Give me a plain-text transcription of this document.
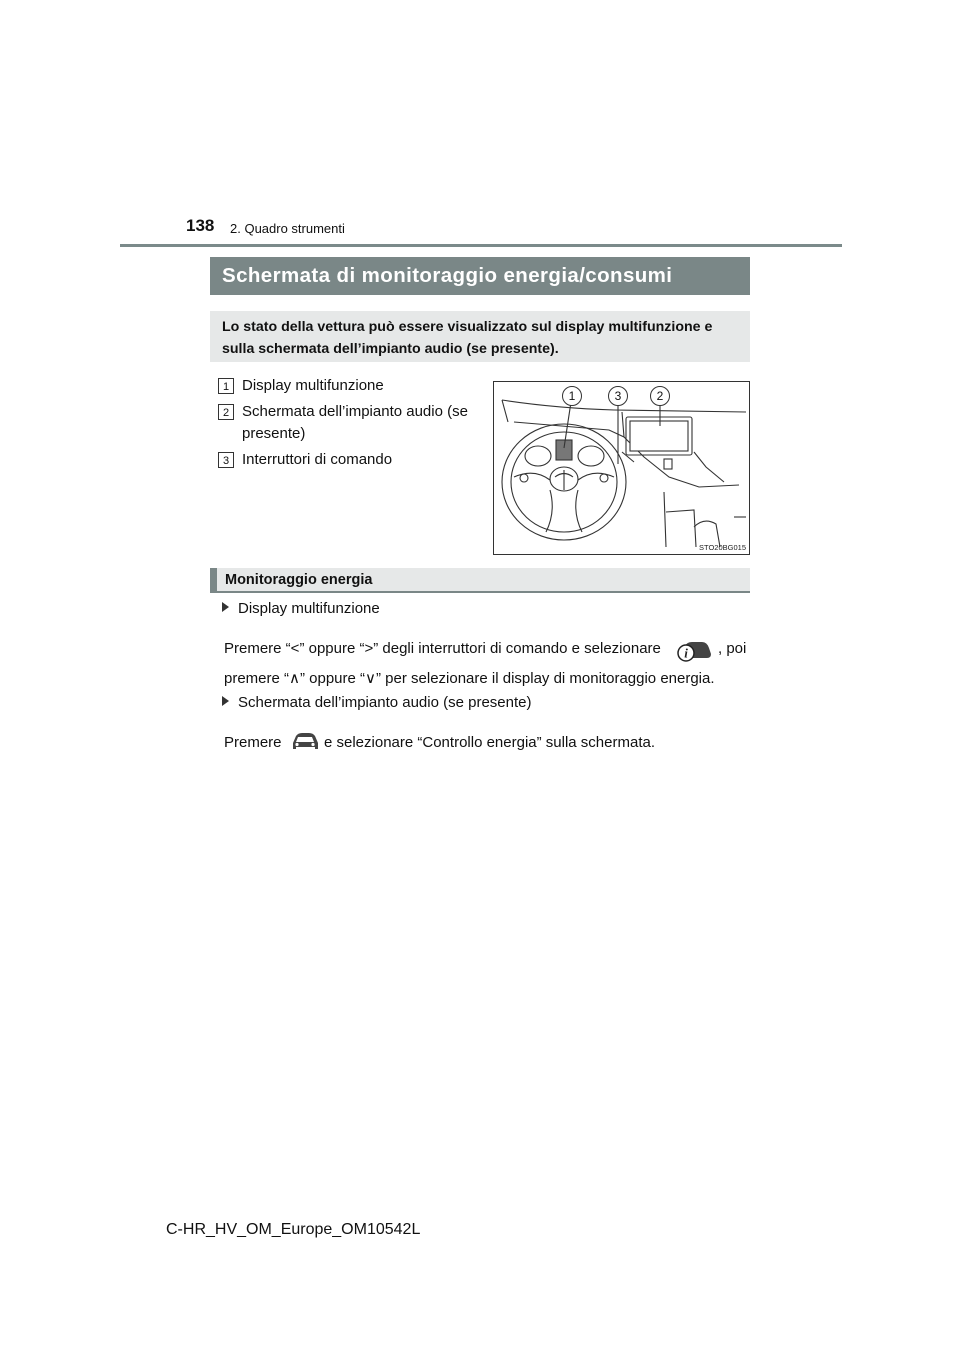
138 2. Quadro strumenti
Schermata di monitoraggio energia/consumi
Lo stato della vettura può essere visualizzato sul display multifunzione e sulla schermata dell’impianto audio (se presente).
1 Display multifunzione
2 Schermata dell’impianto audio (se presente)
3 Interruttori di comando
1	3	2
STO20BG015
Monitoraggio energia
Display multifunzione
Premere “<” oppure “>” degli interruttori di comando e selezionare i , poi
premere “∧” oppure “∨” per selezionare il display di monitoraggio energia.
Schermata dell’impianto audio (se presente)
Premere	e selezionare “Controllo energia” sulla schermata.
C-HR_HV_OM_Europe_OM10542L
